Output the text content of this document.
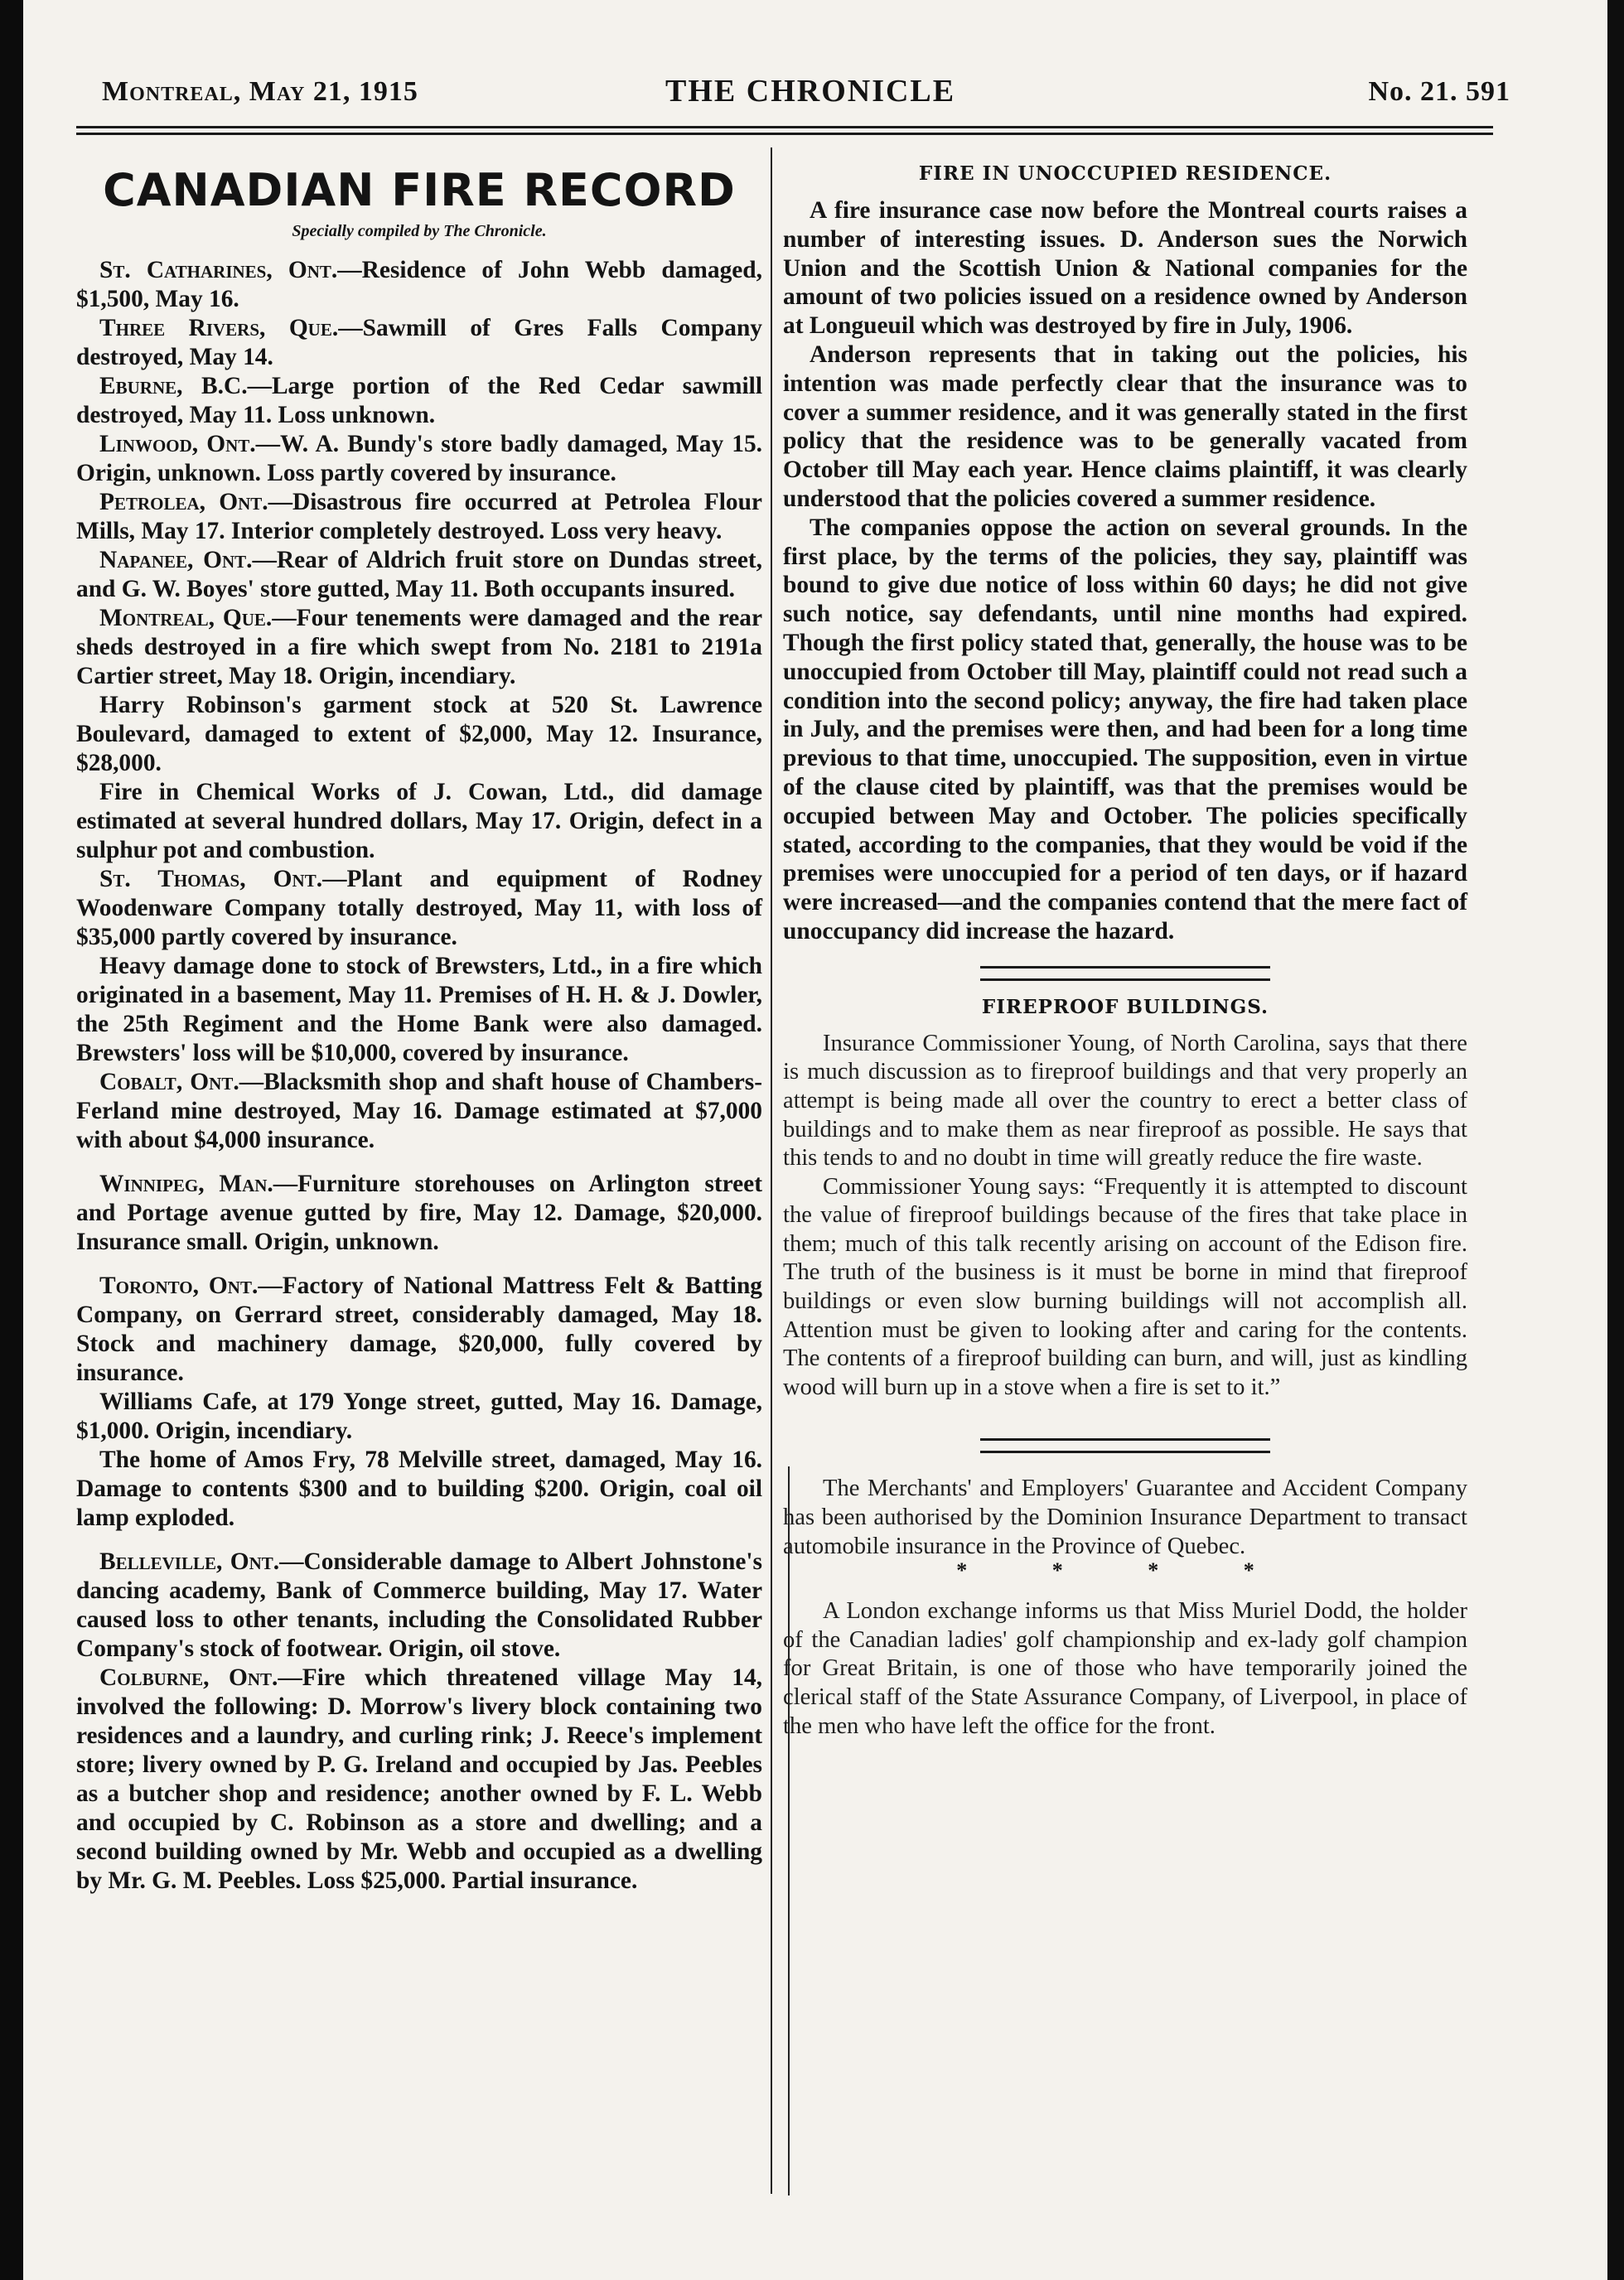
Montreal, May 21, 1915	THE CHRONICLE	No. 21. 591
CANADIAN FIRE RECORD
Specially compiled by The Chronicle.

St. Catharines, Ont.—Residence of John Webb damaged, $1,500, May 16.

Three Rivers, Que.—Sawmill of Gres Falls Company destroyed, May 14.

Eburne, B.C.—Large portion of the Red Cedar sawmill destroyed, May 11. Loss unknown.

Linwood, Ont.—W. A. Bundy's store badly damaged, May 15. Origin, unknown. Loss partly covered by insurance.

Petrolea, Ont.—Disastrous fire occurred at Petrolea Flour Mills, May 17. Interior completely destroyed. Loss very heavy.

Napanee, Ont.—Rear of Aldrich fruit store on Dundas street, and G. W. Boyes' store gutted, May 11. Both occupants insured.

Montreal, Que.—Four tenements were damaged and the rear sheds destroyed in a fire which swept from No. 2181 to 2191a Cartier street, May 18. Origin, incendiary.

Harry Robinson's garment stock at 520 St. Lawrence Boulevard, damaged to extent of $2,000, May 12. Insurance, $28,000.

Fire in Chemical Works of J. Cowan, Ltd., did damage estimated at several hundred dollars, May 17. Origin, defect in a sulphur pot and combustion.

St. Thomas, Ont.—Plant and equipment of Rodney Woodenware Company totally destroyed, May 11, with loss of $35,000 partly covered by insurance.

Heavy damage done to stock of Brewsters, Ltd., in a fire which originated in a basement, May 11. Premises of H. H. & J. Dowler, the 25th Regiment and the Home Bank were also damaged. Brewsters' loss will be $10,000, covered by insurance.

Cobalt, Ont.—Blacksmith shop and shaft house of Chambers-Ferland mine destroyed, May 16. Damage estimated at $7,000 with about $4,000 insurance.

Winnipeg, Man.—Furniture storehouses on Arlington street and Portage avenue gutted by fire, May 12. Damage, $20,000. Insurance small. Origin, unknown.

Toronto, Ont.—Factory of National Mattress Felt & Batting Company, on Gerrard street, considerably damaged, May 18. Stock and machinery damage, $20,000, fully covered by insurance.

Williams Cafe, at 179 Yonge street, gutted, May 16. Damage, $1,000. Origin, incendiary.

The home of Amos Fry, 78 Melville street, damaged, May 16. Damage to contents $300 and to building $200. Origin, coal oil lamp exploded.

Belleville, Ont.—Considerable damage to Albert Johnstone's dancing academy, Bank of Commerce building, May 17. Water caused loss to other tenants, including the Consolidated Rubber Company's stock of footwear. Origin, oil stove.

Colburne, Ont.—Fire which threatened village May 14, involved the following: D. Morrow's livery block containing two residences and a laundry, and curling rink; J. Reece's implement store; livery owned by P. G. Ireland and occupied by Jas. Peebles as a butcher shop and residence; another owned by F. L. Webb and occupied by C. Robinson as a store and dwelling; and a second building owned by Mr. Webb and occupied as a dwelling by Mr. G. M. Peebles. Loss $25,000. Partial insurance.

FIRE IN UNOCCUPIED RESIDENCE.

A fire insurance case now before the Montreal courts raises a number of interesting issues. D. Anderson sues the Norwich Union and the Scottish Union & National companies for the amount of two policies issued on a residence owned by Anderson at Longueuil which was destroyed by fire in July, 1906.

Anderson represents that in taking out the policies, his intention was made perfectly clear that the insurance was to cover a summer residence, and it was generally stated in the first policy that the residence was to be generally vacated from October till May each year. Hence claims plaintiff, it was clearly understood that the policies covered a summer residence.

The companies oppose the action on several grounds. In the first place, by the terms of the policies, they say, plaintiff was bound to give due notice of loss within 60 days; he did not give such notice, say defendants, until nine months had expired. Though the first policy stated that, generally, the house was to be unoccupied from October till May, plaintiff could not read such a condition into the second policy; anyway, the fire had taken place in July, and the premises were then, and had been for a long time previous to that time, unoccupied. The supposition, even in virtue of the clause cited by plaintiff, was that the premises would be occupied between May and October. The policies specifically stated, according to the companies, that they would be void if the premises were unoccupied for a period of ten days, or if hazard were increased—and the companies contend that the mere fact of unoccupancy did increase the hazard.

FIREPROOF BUILDINGS.

Insurance Commissioner Young, of North Carolina, says that there is much discussion as to fireproof buildings and that very properly an attempt is being made all over the country to erect a better class of buildings and to make them as near fireproof as possible. He says that this tends to and no doubt in time will greatly reduce the fire waste.

Commissioner Young says: “Frequently it is attempted to discount the value of fireproof buildings because of the fires that take place in them; much of this talk recently arising on account of the Edison fire. The truth of the business is it must be borne in mind that fireproof buildings or even slow burning buildings will not accomplish all. Attention must be given to looking after and caring for the contents. The contents of a fireproof building can burn, and will, just as kindling wood will burn up in a stove when a fire is set to it.”

The Merchants' and Employers' Guarantee and Accident Company has been authorised by the Dominion Insurance Department to transact automobile insurance in the Province of Quebec.

* * * *

A London exchange informs us that Miss Muriel Dodd, the holder of the Canadian ladies' golf championship and ex-lady golf champion for Great Britain, is one of those who have temporarily joined the clerical staff of the State Assurance Company, of Liverpool, in place of the men who have left the office for the front.
